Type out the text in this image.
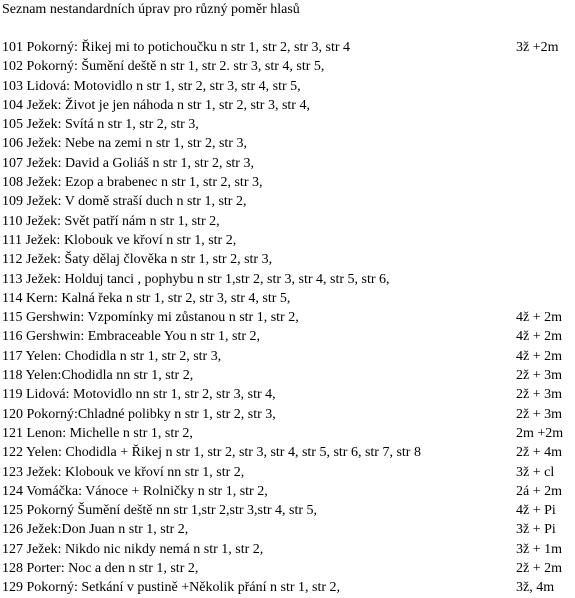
Seznam nestandardních úprav pro různý poměr hlasů
101 Pokorný: Řikej mi to potichoučku n str 1, str 2, str 3, str 4	3ž +2m
102 Pokorný: Šumění deště n str 1, str 2. str 3, str 4, str 5,
103 Lidová: Motovidlo n str 1, str 2, str 3, str 4, str 5,
104 Ježek: Život je jen náhoda n str 1, str 2, str 3, str 4,
105 Ježek: Svítá n str 1, str 2, str 3,
106 Ježek: Nebe na zemi n str 1, str 2, str 3,
107 Ježek: David a Goliáš n str 1, str 2, str 3,
108 Ježek: Ezop a brabenec n str 1, str 2, str 3,
109 Ježek: V domě straší duch n str 1, str 2,
110 Ježek: Svět patří nám n str 1, str 2,
111 Ježek: Klobouk ve křoví n str 1, str 2,
112 Ježek: Šaty dělaj člověka n str 1, str 2, str 3,
113 Ježek: Holduj tanci , pophybu n str 1,str 2, str 3, str 4, str 5, str 6,
114 Kern: Kalná řeka n str 1, str 2, str 3, str 4, str 5,
115 Gershwin: Vzpomínky mi zůstanou n str 1, str 2,	4ž + 2m
116 Gershwin: Embraceable You n str 1, str 2,	4ž + 2m
117 Yelen: Chodidla n str 1, str 2, str 3,	4ž + 2m
118 Yelen:Chodidla nn str 1, str 2,	2ž + 3m
119 Lidová: Motovidlo nn str 1, str 2, str 3, str 4,	2ž + 3m
120 Pokorný:Chladné polibky n str 1, str 2, str 3,	2ž + 3m
121 Lenon: Michelle n str 1, str 2,	2m +2m
122 Yelen: Chodidla + Řikej n str 1, str 2, str 3, str 4, str 5, str 6, str 7, str 8	2ž + 4m
123 Ježek: Klobouk ve křoví nn str 1, str 2,	3ž + cl
124 Vomáčka: Vánoce + Rolničky n str 1, str 2,	2á + 2m
125 Pokorný Šumění deště nn str 1,str 2,str 3,str 4, str 5,	4ž + Pi
126 Ježek:Don Juan n str 1, str 2,	3ž + Pi
127 Ježek: Nikdo nic nikdy nemá n str 1, str 2,	3ž + 1m
128 Porter: Noc a den n str 1, str 2,	2ž + 2m
129 Pokorný: Setkání v pustině +Několik přání n str 1, str 2,	3ž, 4m
